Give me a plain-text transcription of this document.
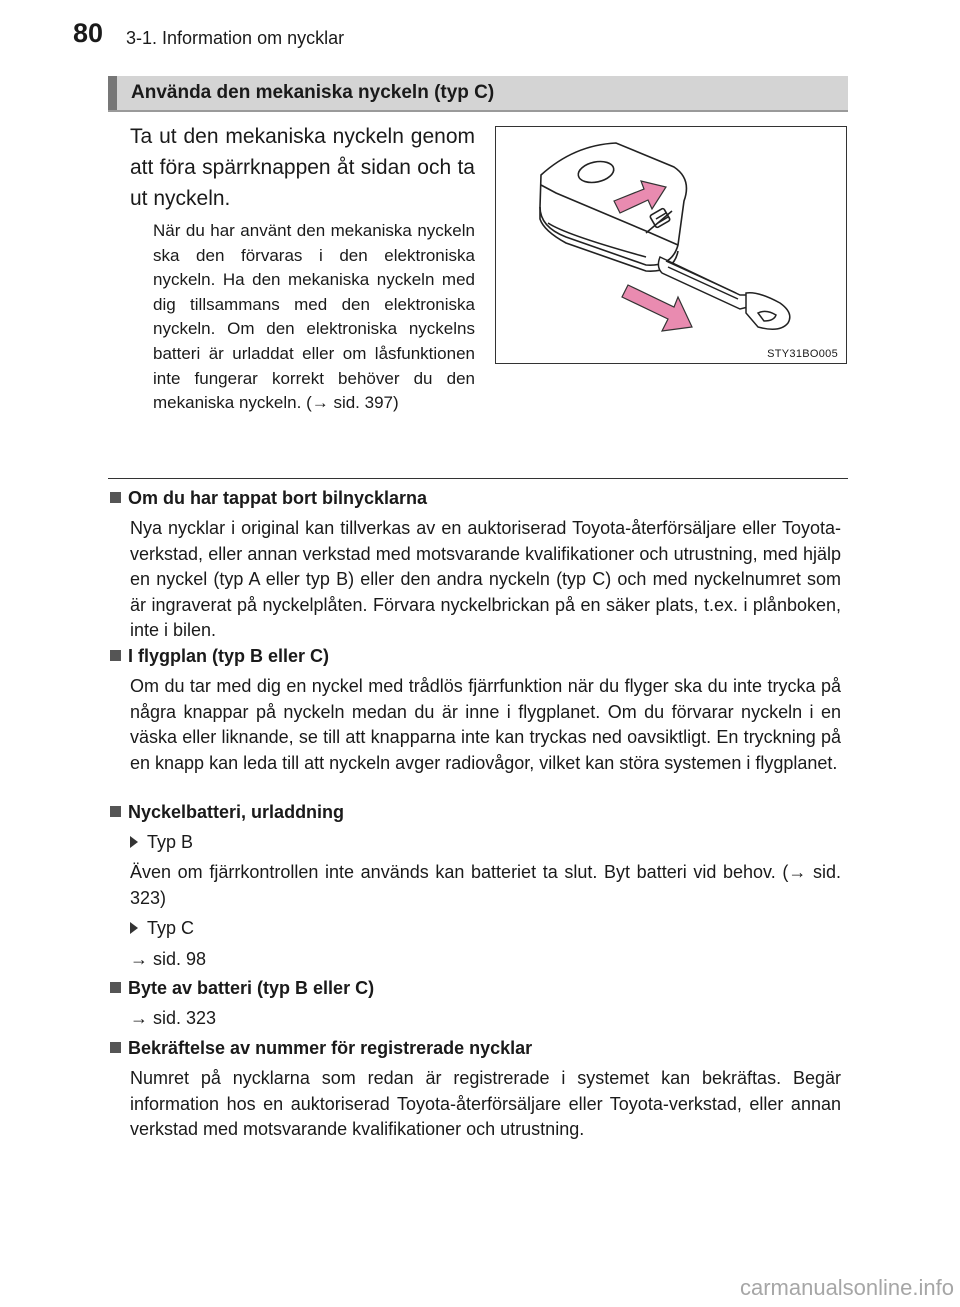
80 3-1. Information om nycklar
Använda den mekaniska nyckeln (typ C)

Ta ut den mekaniska nyckeln genom att föra spärrknappen åt sidan och ta ut nyckeln.

När du har använt den mekaniska nyckeln ska den förvaras i den elektroniska nyckeln. Ha den mekaniska nyckeln med dig tillsammans med den elektroniska nyckeln. Om den elektroniska nyckelns batteri är urladdat eller om låsfunktionen inte fungerar korrekt behöver du den mekaniska nyckeln. (→ sid. 397)

STY31BO005
Om du har tappat bort bilnycklarna

Nya nycklar i original kan tillverkas av en auktoriserad Toyota-återförsäljare eller Toyota-verkstad, eller annan verkstad med motsvarande kvalifikationer och utrustning, med hjälp en nyckel (typ A eller typ B) eller den andra nyckeln (typ C) och med nyckelnumret som är ingraverat på nyckelplåten. Förvara nyckelbrickan på en säker plats, t.ex. i plånboken, inte i bilen.

I flygplan (typ B eller C)

Om du tar med dig en nyckel med trådlös fjärrfunktion när du flyger ska du inte trycka på några knappar på nyckeln medan du är inne i flygplanet. Om du förvarar nyckeln i en väska eller liknande, se till att knapparna inte kan tryckas ned oavsiktligt. En tryckning på en knapp kan leda till att nyckeln avger radiovågor, vilket kan störa systemen i flygplanet.

Nyckelbatteri, urladdning
Typ B

Även om fjärrkontrollen inte används kan batteriet ta slut. Byt batteri vid behov. (→ sid. 323)

Typ C
→ sid. 98
Byte av batteri (typ B eller C)
→ sid. 323
Bekräftelse av nummer för registrerade nycklar

Numret på nycklarna som redan är registrerade i systemet kan bekräftas. Begär information hos en auktoriserad Toyota-återförsäljare eller Toyota-verkstad, eller annan verkstad med motsvarande kvalifikationer och utrustning.

carmanualsonline.info
